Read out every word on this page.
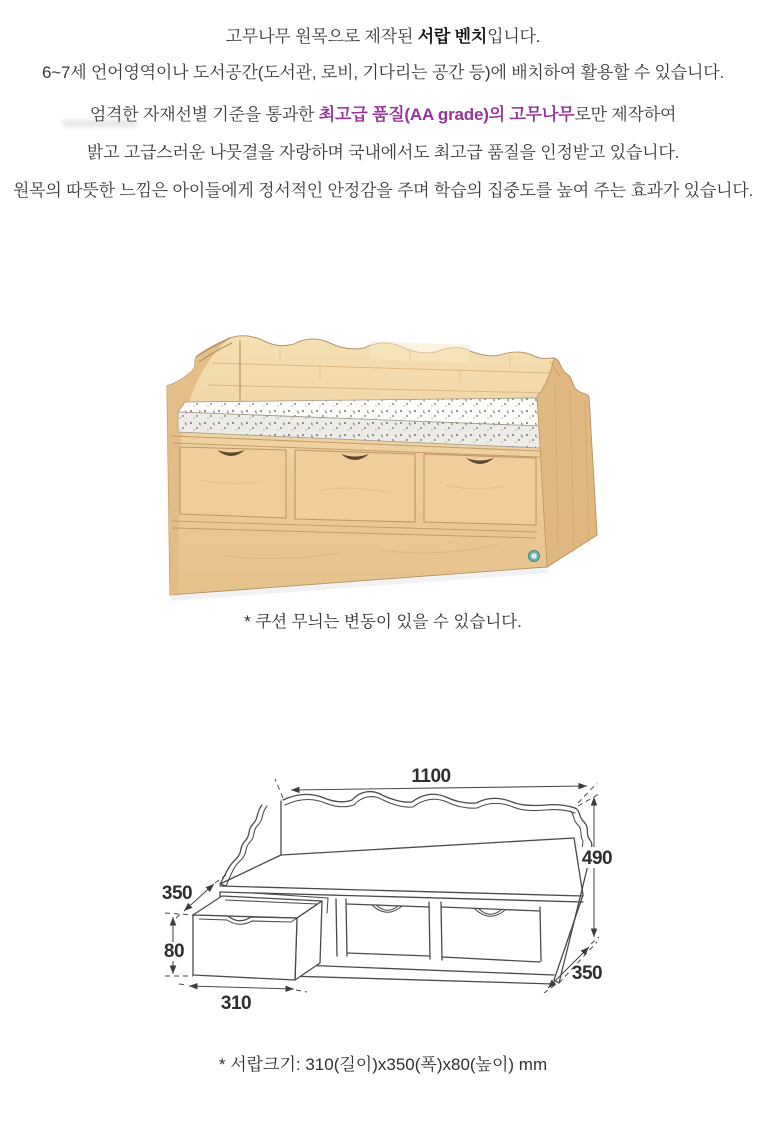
고무나무 원목으로 제작된 서랍 벤치입니다.
6~7세 언어영역이나 도서공간(도서관, 로비, 기다리는 공간 등)에 배치하여 활용할 수 있습니다.
엄격한 자재선별 기준을 통과한 최고급 품질(AA grade)의 고무나무로만 제작하여
밝고 고급스러운 나뭇결을 자랑하며 국내에서도 최고급 품질을 인정받고 있습니다.
원목의 따뜻한 느낌은 아이들에게 정서적인 안정감을 주며 학습의 집중도를 높여 주는 효과가 있습니다.
* 쿠션 무늬는 변동이 있을 수 있습니다.
1100
490
350
80
310
350
* 서랍크기: 310(길이)x350(폭)x80(높이) mm
